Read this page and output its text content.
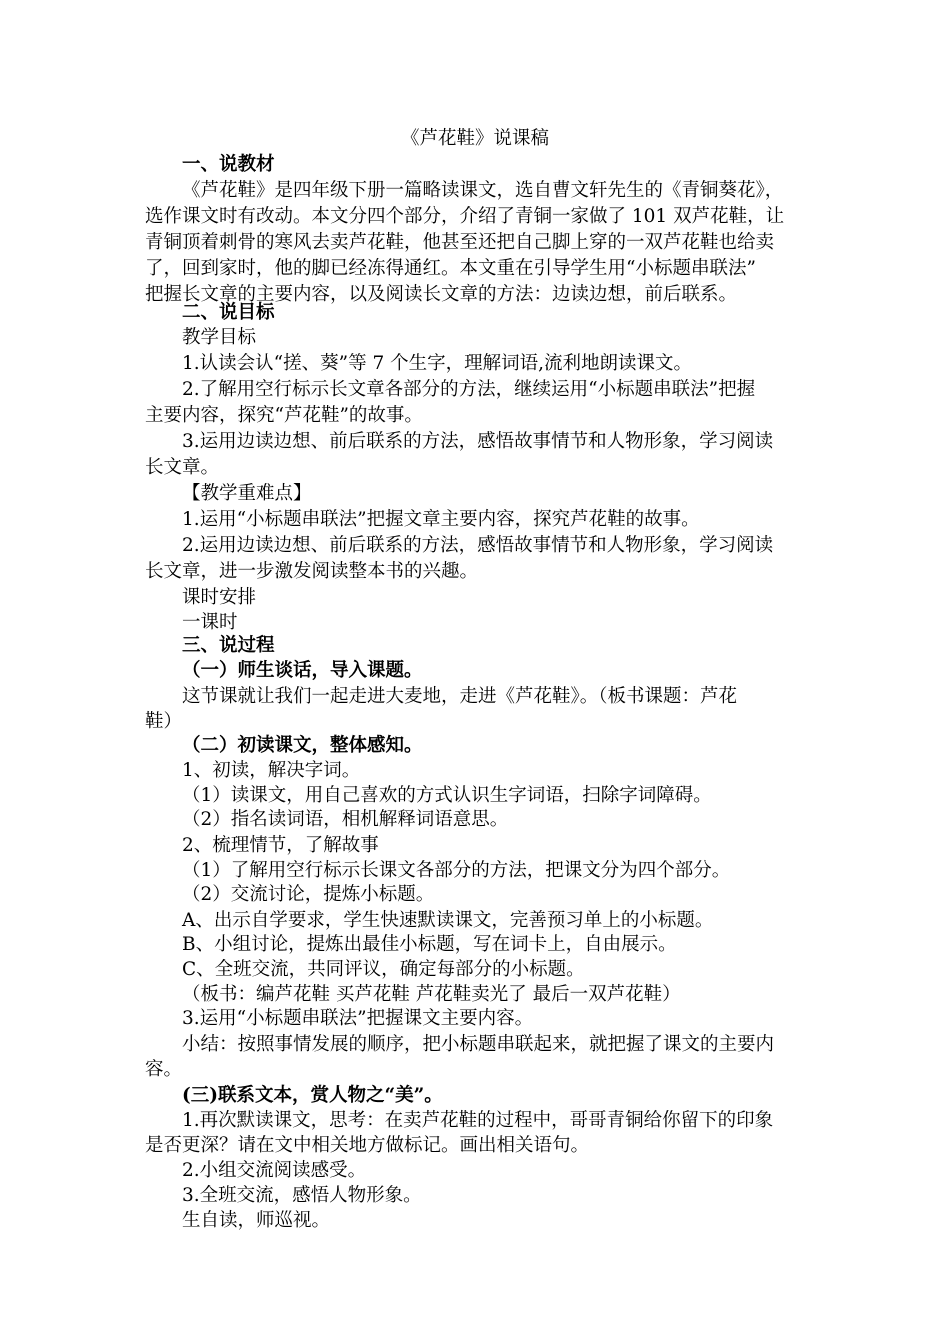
《芦花鞋》说课稿
一、说教材
《芦花鞋》是四年级下册一篇略读课文，选自曹文轩先生的《青铜葵花》，
选作课文时有改动。本文分四个部分，介绍了青铜一家做了 101 双芦花鞋，让
青铜顶着刺骨的寒风去卖芦花鞋，他甚至还把自己脚上穿的一双芦花鞋也给卖
了，回到家时，他的脚已经冻得通红。本文重在引导学生用“小标题串联法”
把握长文章的主要内容，以及阅读长文章的方法：边读边想，前后联系。
二、说目标
教学目标
1.认读会认“搓、葵”等 7 个生字，理解词语,流利地朗读课文。
2.了解用空行标示长文章各部分的方法，继续运用“小标题串联法”把握
主要内容，探究“芦花鞋”的故事。
3.运用边读边想、前后联系的方法，感悟故事情节和人物形象，学习阅读
长文章。
【教学重难点】
1.运用“小标题串联法”把握文章主要内容，探究芦花鞋的故事。
2.运用边读边想、前后联系的方法，感悟故事情节和人物形象，学习阅读
长文章，进一步激发阅读整本书的兴趣。
课时安排
一课时
三、说过程
（一）师生谈话，导入课题。
这节课就让我们一起走进大麦地，走进《芦花鞋》。（板书课题：芦花
鞋）
（二）初读课文，整体感知。
1、初读，解决字词。
（1）读课文，用自己喜欢的方式认识生字词语，扫除字词障碍。
（2）指名读词语，相机解释词语意思。
2、梳理情节，了解故事
（1）了解用空行标示长课文各部分的方法，把课文分为四个部分。
（2）交流讨论，提炼小标题。
A、出示自学要求，学生快速默读课文，完善预习单上的小标题。
B、小组讨论，提炼出最佳小标题，写在词卡上，自由展示。
C、全班交流，共同评议，确定每部分的小标题。
（板书：编芦花鞋 买芦花鞋 芦花鞋卖光了 最后一双芦花鞋）
3.运用“小标题串联法”把握课文主要内容。
小结：按照事情发展的顺序，把小标题串联起来，就把握了课文的主要内
容。
(三)联系文本，赏人物之“美”。
1.再次默读课文，思考：在卖芦花鞋的过程中，哥哥青铜给你留下的印象
是否更深？请在文中相关地方做标记。画出相关语句。
2.小组交流阅读感受。
3.全班交流，感悟人物形象。
生自读，师巡视。
